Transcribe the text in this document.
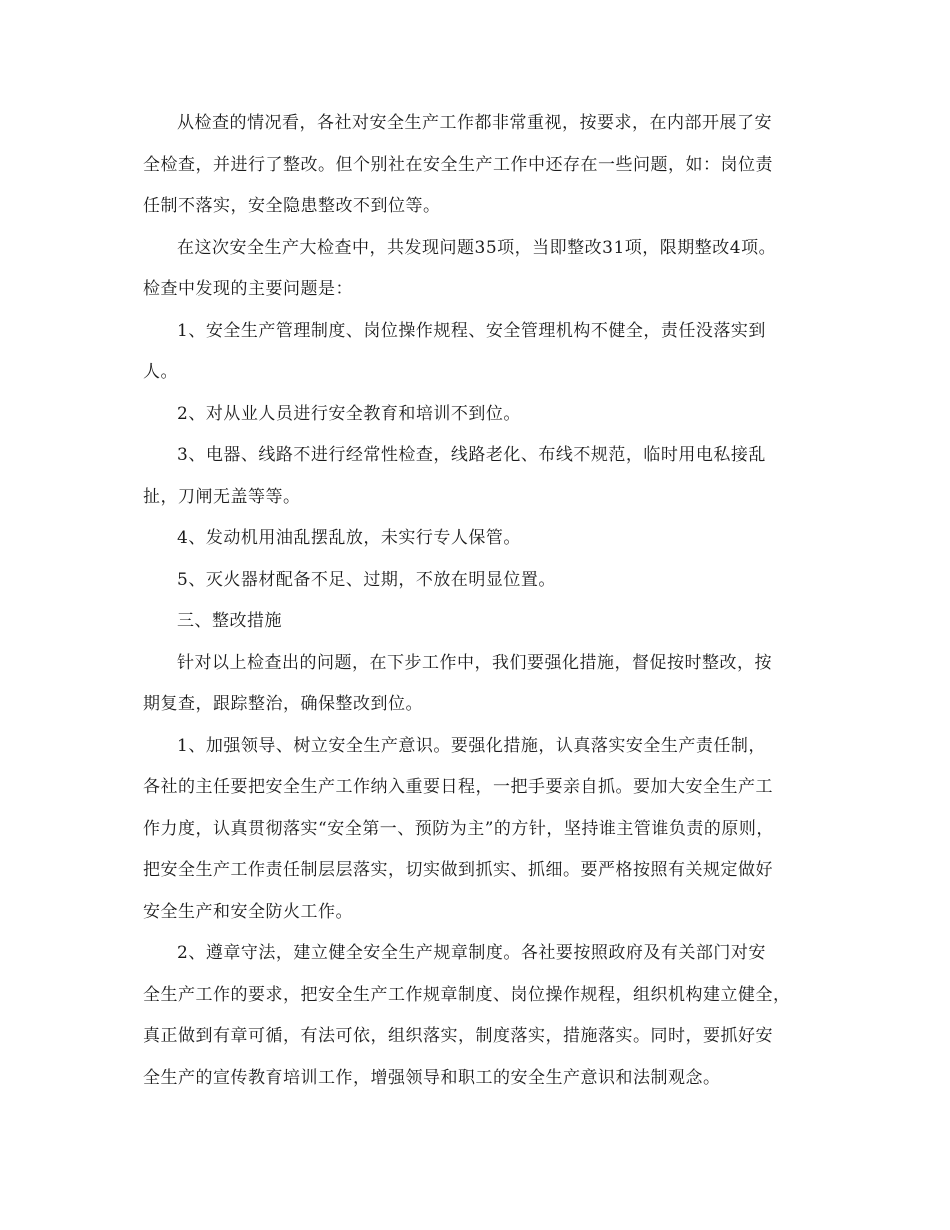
从检查的情况看，各社对安全生产工作都非常重视，按要求，在内部开展了安
全检查，并进行了整改。但个别社在安全生产工作中还存在一些问题，如：岗位责
任制不落实，安全隐患整改不到位等。
在这次安全生产大检查中，共发现问题35项，当即整改31项，限期整改4项。
检查中发现的主要问题是：
1、安全生产管理制度、岗位操作规程、安全管理机构不健全，责任没落实到
人。
2、对从业人员进行安全教育和培训不到位。
3、电器、线路不进行经常性检查，线路老化、布线不规范，临时用电私接乱
扯，刀闸无盖等等。
4、发动机用油乱摆乱放，未实行专人保管。
5、灭火器材配备不足、过期，不放在明显位置。
三、整改措施
针对以上检查出的问题，在下步工作中，我们要强化措施，督促按时整改，按
期复查，跟踪整治，确保整改到位。
1、加强领导、树立安全生产意识。要强化措施，认真落实安全生产责任制，
各社的主任要把安全生产工作纳入重要日程，一把手要亲自抓。要加大安全生产工
作力度，认真贯彻落实“安全第一、预防为主”的方针，坚持谁主管谁负责的原则，
把安全生产工作责任制层层落实，切实做到抓实、抓细。要严格按照有关规定做好
安全生产和安全防火工作。
2、遵章守法，建立健全安全生产规章制度。各社要按照政府及有关部门对安
全生产工作的要求，把安全生产工作规章制度、岗位操作规程，组织机构建立健全，
真正做到有章可循，有法可依，组织落实，制度落实，措施落实。同时，要抓好安
全生产的宣传教育培训工作，增强领导和职工的安全生产意识和法制观念。
